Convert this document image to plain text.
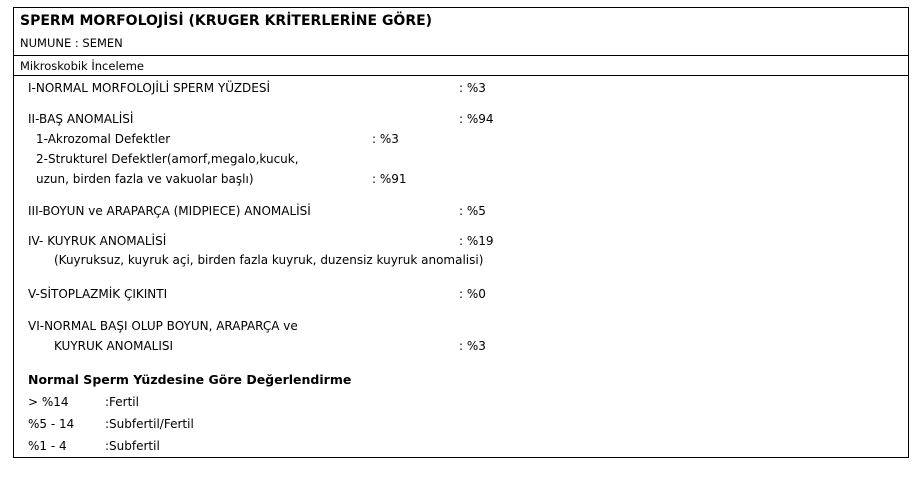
SPERM MORFOLOJİSİ (KRUGER KRİTERLERİNE GÖRE)
NUMUNE : SEMEN
Mikroskobik İnceleme
I-NORMAL MORFOLOJİLİ SPERM YÜZDESİ	: %3
II-BAŞ ANOMALİSİ	: %94
1-Akrozomal Defektler	: %3
2-Strukturel Defektler(amorf,megalo,kucuk,
uzun, birden fazla ve vakuolar başlı)	: %91
III-BOYUN ve ARAPARÇA (MIDPIECE) ANOMALİSİ	: %5
IV- KUYRUK ANOMALİSİ	: %19
(Kuyruksuz, kuyruk açi, birden fazla kuyruk, duzensiz kuyruk anomalisi)
V-SİTOPLAZMİK ÇIKINTI	: %0
VI-NORMAL BAŞI OLUP BOYUN, ARAPARÇA ve
KUYRUK ANOMALISI	: %3
Normal Sperm Yüzdesine Göre Değerlendirme
> %14	:Fertil
%5 - 14	:Subfertil/Fertil
%1 - 4	:Subfertil
